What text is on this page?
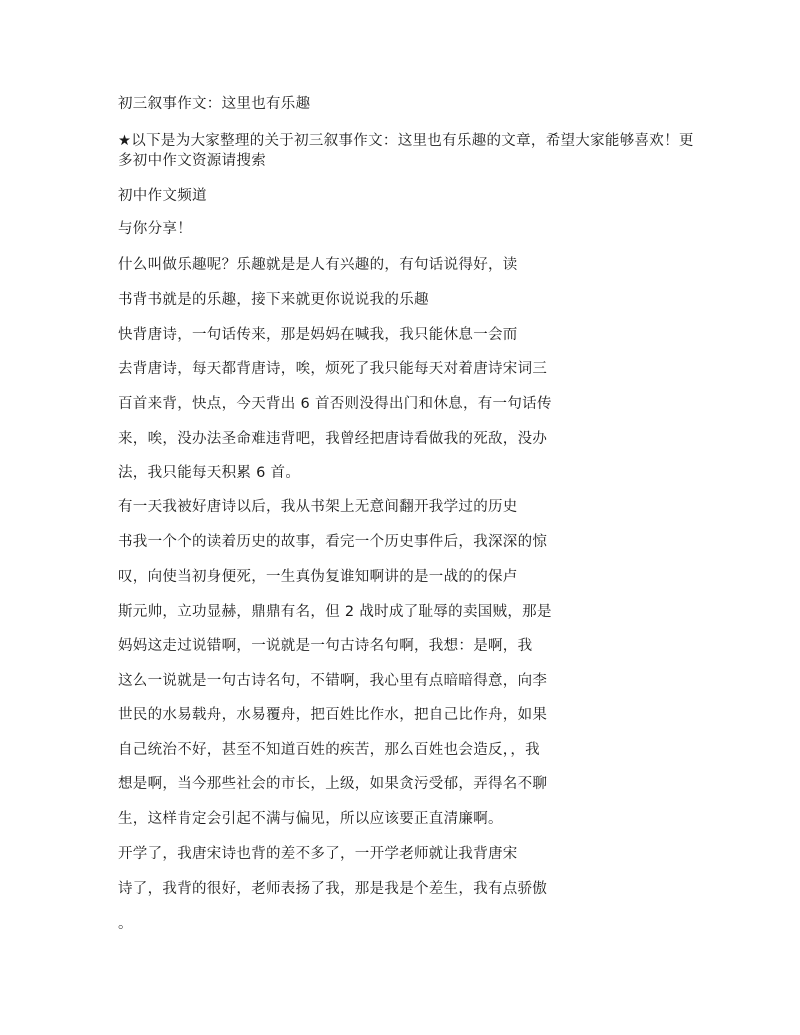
初三叙事作文：这里也有乐趣
★以下是为大家整理的关于初三叙事作文：这里也有乐趣的文章，希望大家能够喜欢！更
多初中作文资源请搜索
初中作文频道
与你分享！
什么叫做乐趣呢？乐趣就是是人有兴趣的，有句话说得好，读
书背书就是的乐趣，接下来就更你说说我的乐趣
快背唐诗，一句话传来，那是妈妈在喊我，我只能休息一会而
去背唐诗，每天都背唐诗，唉，烦死了我只能每天对着唐诗宋词三
百首来背，快点，今天背出 6 首否则没得出门和休息，有一句话传
来，唉，没办法圣命难违背吧，我曾经把唐诗看做我的死敌，没办
法，我只能每天积累 6 首。
有一天我被好唐诗以后，我从书架上无意间翻开我学过的历史
书我一个个的读着历史的故事，看完一个历史事件后，我深深的惊
叹，向使当初身便死，一生真伪复谁知啊讲的是一战的的保卢
斯元帅，立功显赫，鼎鼎有名，但 2 战时成了耻辱的卖国贼，那是
妈妈这走过说错啊，一说就是一句古诗名句啊，我想：是啊，我
这么一说就是一句古诗名句，不错啊，我心里有点暗暗得意，向李
世民的水易载舟，水易覆舟，把百姓比作水，把自己比作舟，如果
自己统治不好，甚至不知道百姓的疾苦，那么百姓也会造反，，我
想是啊，当今那些社会的市长，上级，如果贪污受郁，弄得名不聊
生，这样肯定会引起不满与偏见，所以应该要正直清廉啊。
开学了，我唐宋诗也背的差不多了，一开学老师就让我背唐宋
诗了，我背的很好，老师表扬了我，那是我是个差生，我有点骄傲
。
